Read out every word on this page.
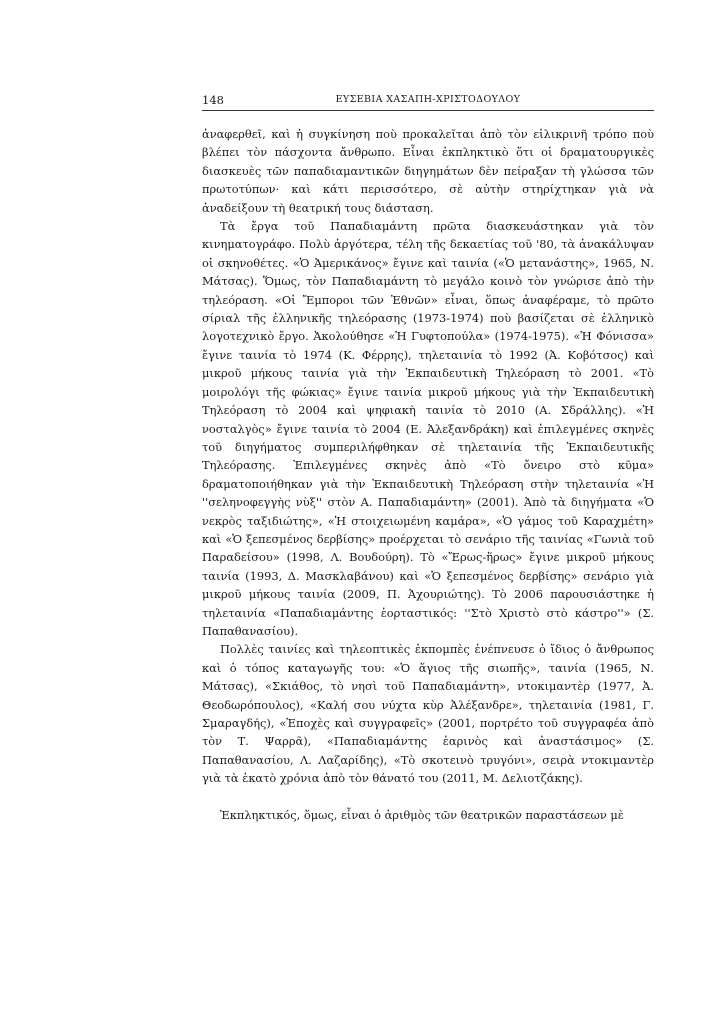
148	ΕΥΣΕΒΙΑ ΧΑΣΑΠΗ-ΧΡΙΣΤΟΔΟΥΛΟΥ

ἀναφερθεῖ, καὶ ἡ συγκίνηση ποὺ προκαλεῖται ἀπὸ τὸν εἰλικρινῆ τρόπο ποὺ βλέπει τὸν πάσχοντα ἄνθρωπο. Εἶναι ἐκπληκτικὸ ὅτι οἱ δραματουργικὲς διασκευὲς τῶν παπαδιαμαντικῶν διηγημάτων δὲν πείραξαν τὴ γλώσσα τῶν πρωτοτύπων· καὶ κάτι περισσότερο, σὲ αὐτὴν στηρίχτηκαν γιὰ νὰ ἀναδείξουν τὴ θεατρική τους διάσταση.

Τὰ ἔργα τοῦ Παπαδιαμάντη πρῶτα διασκευάστηκαν γιὰ τὸν κινηματογράφο. Πολὺ ἀργότερα, τέλη τῆς δεκαετίας τοῦ '80, τὰ ἀνακάλυψαν οἱ σκηνοθέτες. «Ὁ Ἀμερικάνος» ἔγινε καὶ ταινία («Ὁ μετανάστης», 1965, Ν. Μάτσας). Ὅμως, τὸν Παπαδιαμάντη τὸ μεγάλο κοινὸ τὸν γνώρισε ἀπὸ τὴν τηλεόραση. «Οἱ Ἔμποροι τῶν Ἐθνῶν» εἶναι, ὅπως ἀναφέραμε, τὸ πρῶτο σίριαλ τῆς ἑλληνικῆς τηλεόρασης (1973-1974) ποὺ βασίζεται σὲ ἑλληνικὸ λογοτεχνικὸ ἔργο. Ἀκολούθησε «Ἡ Γυφτοπούλα» (1974-1975). «Ἡ Φόνισσα» ἔγινε ταινία τὸ 1974 (Κ. Φέρρης), τηλεταινία τὸ 1992 (Ἀ. Κοβότσος) καὶ μικροῦ μήκους ταινία γιὰ τὴν Ἐκπαιδευτικὴ Τηλεόραση τὸ 2001. «Τὸ μοιρολόγι τῆς φώκιας» ἔγινε ταινία μικροῦ μήκους γιὰ τὴν Ἐκπαιδευτικὴ Τηλεόραση τὸ 2004 καὶ ψηφιακὴ ταινία τὸ 2010 (Α. Σδράλλης). «Ἡ νοσταλγὸς» ἔγινε ταινία τὸ 2004 (Ε. Ἀλεξανδράκη) καὶ ἐπιλεγμένες σκηνὲς τοῦ διηγήματος συμπεριλήφθηκαν σὲ τηλεταινία τῆς Ἐκπαιδευτικῆς Τηλεόρασης. Ἐπιλεγμένες σκηνὲς ἀπὸ «Τὸ ὄνειρο στὸ κῦμα» δραματοποιήθηκαν γιὰ τὴν Ἐκπαιδευτικὴ Τηλεόραση στὴν τηλεταινία «Ἡ ''σεληνοφεγγὴς νὺξ'' στὸν Α. Παπαδιαμάντη» (2001). Ἀπὸ τὰ διηγήματα «Ὁ νεκρὸς ταξιδιώτης», «Ἡ στοιχειωμένη καμάρα», «Ὁ γάμος τοῦ Καραχμέτη» καὶ «Ὁ ξεπεσμένος δερβίσης» προέρχεται τὸ σενάριο τῆς ταινίας «Γωνιὰ τοῦ Παραδείσου» (1998, Λ. Βουδούρη). Τὸ «Ἔρως-ἥρως» ἔγινε μικροῦ μήκους ταινία (1993, Δ. Μασκλαβάνου) καὶ «Ὁ ξεπεσμένος δερβίσης» σενάριο γιὰ μικροῦ μήκους ταινία (2009, Π. Ἀχουριώτης). Τὸ 2006 παρουσιάστηκε ἡ τηλεταινία «Παπαδιαμάντης ἑορταστικός: ''Στὸ Χριστὸ στὸ κάστρο''» (Σ. Παπαθανασίου).

Πολλὲς ταινίες καὶ τηλεοπτικὲς ἐκπομπὲς ἐνέπνευσε ὁ ἴδιος ὁ ἄνθρωπος καὶ ὁ τόπος καταγωγῆς του: «Ὁ ἅγιος τῆς σιωπῆς», ταινία (1965, Ν. Μάτσας), «Σκιάθος, τὸ νησὶ τοῦ Παπαδιαμάντη», ντοκιμαντὲρ (1977, Ἀ. Θεοδωρόπουλος), «Καλή σου νύχτα κὺρ Ἀλέξανδρε», τηλεταινία (1981, Γ. Σμαραγδής), «Ἐποχὲς καὶ συγγραφεῖς» (2001, πορτρέτο τοῦ συγγραφέα ἀπὸ τὸν Τ. Ψαρρᾶ), «Παπαδιαμάντης ἐαρινὸς καὶ ἀναστάσιμος» (Σ. Παπαθανασίου, Λ. Λαζαρίδης), «Τὸ σκοτεινὸ τρυγόνι», σειρὰ ντοκιμαντὲρ γιὰ τὰ ἑκατὸ χρόνια ἀπὸ τὸν θάνατό του (2011, Μ. Δελιοτζάκης).

Ἐκπληκτικός, ὅμως, εἶναι ὁ ἀριθμὸς τῶν θεατρικῶν παραστάσεων μὲ
